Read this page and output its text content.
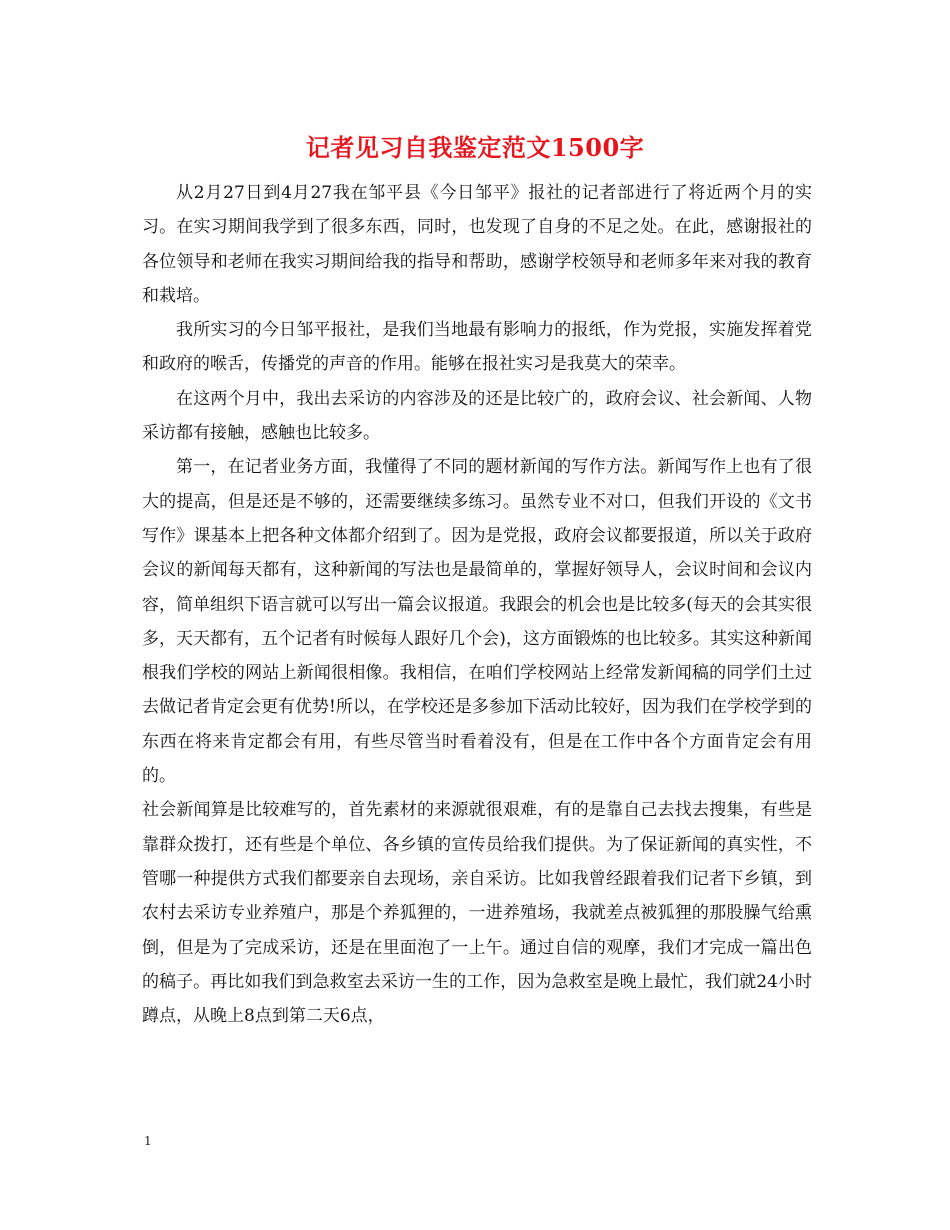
记者见习自我鉴定范文1500字

从2月27日到4月27我在邹平县《今日邹平》报社的记者部进行了将近两个月的实习。在实习期间我学到了很多东西，同时，也发现了自身的不足之处。在此，感谢报社的各位领导和老师在我实习期间给我的指导和帮助，感谢学校领导和老师多年来对我的教育和栽培。

我所实习的今日邹平报社，是我们当地最有影响力的报纸，作为党报，实施发挥着党和政府的喉舌，传播党的声音的作用。能够在报社实习是我莫大的荣幸。

在这两个月中，我出去采访的内容涉及的还是比较广的，政府会议、社会新闻、人物采访都有接触，感触也比较多。

第一，在记者业务方面，我懂得了不同的题材新闻的写作方法。新闻写作上也有了很大的提高，但是还是不够的，还需要继续多练习。虽然专业不对口，但我们开设的《文书写作》课基本上把各种文体都介绍到了。因为是党报，政府会议都要报道，所以关于政府会议的新闻每天都有，这种新闻的写法也是最简单的，掌握好领导人，会议时间和会议内容，简单组织下语言就可以写出一篇会议报道。我跟会的机会也是比较多(每天的会其实很多，天天都有，五个记者有时候每人跟好几个会)，这方面锻炼的也比较多。其实这种新闻根我们学校的网站上新闻很相像。我相信，在咱们学校网站上经常发新闻稿的同学们土过去做记者肯定会更有优势!所以，在学校还是多参加下活动比较好，因为我们在学校学到的东西在将来肯定都会有用，有些尽管当时看着没有，但是在工作中各个方面肯定会有用的。

社会新闻算是比较难写的，首先素材的来源就很艰难，有的是靠自己去找去搜集，有些是靠群众拨打，还有些是个单位、各乡镇的宣传员给我们提供。为了保证新闻的真实性，不管哪一种提供方式我们都要亲自去现场，亲自采访。比如我曾经跟着我们记者下乡镇，到农村去采访专业养殖户，那是个养狐狸的，一进养殖场，我就差点被狐狸的那股臊气给熏倒，但是为了完成采访，还是在里面泡了一上午。通过自信的观摩，我们才完成一篇出色的稿子。再比如我们到急救室去采访一生的工作，因为急救室是晚上最忙，我们就24小时蹲点，从晚上8点到第二天6点，

1
